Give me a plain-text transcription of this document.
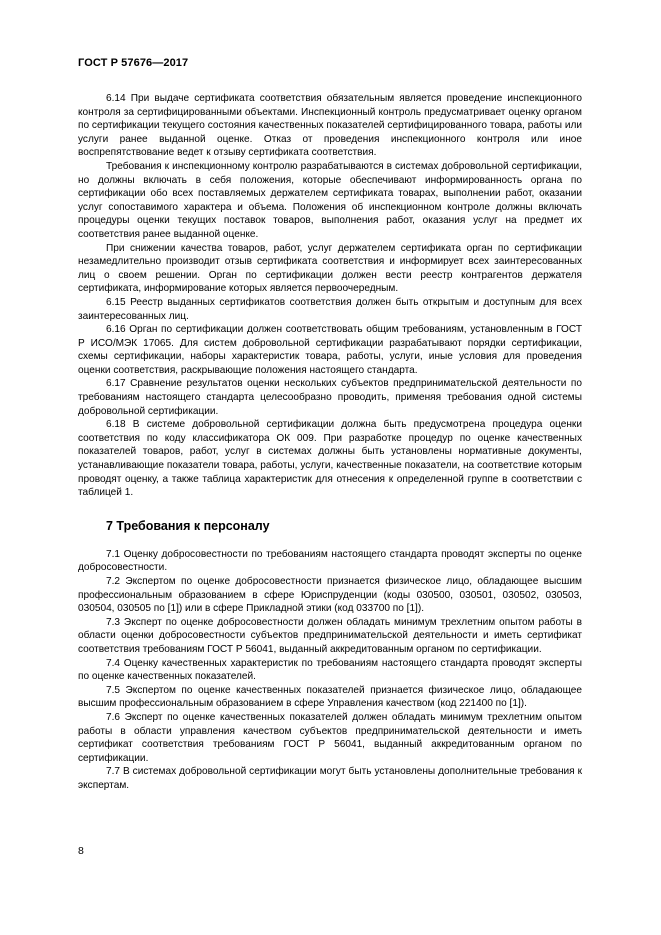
ГОСТ Р 57676—2017

6.14 При выдаче сертификата соответствия обязательным является проведение инспекционного контроля за сертифицированными объектами. Инспекционный контроль предусматривает оценку органом по сертификации текущего состояния качественных показателей сертифицированного товара, работы или услуги ранее выданной оценке. Отказ от проведения инспекционного контроля или иное воспрепятствование ведет к отзыву сертификата соответствия.

Требования к инспекционному контролю разрабатываются в системах добровольной сертификации, но должны включать в себя положения, которые обеспечивают информированность органа по сертификации обо всех поставляемых держателем сертификата товарах, выполнении работ, оказании услуг сопоставимого характера и объема. Положения об инспекционном контроле должны включать процедуры оценки текущих поставок товаров, выполнения работ, оказания услуг на предмет их соответствия ранее выданной оценке.

При снижении качества товаров, работ, услуг держателем сертификата орган по сертификации незамедлительно производит отзыв сертификата соответствия и информирует всех заинтересованных лиц о своем решении. Орган по сертификации должен вести реестр контрагентов держателя сертификата, информирование которых является первоочередным.

6.15 Реестр выданных сертификатов соответствия должен быть открытым и доступным для всех заинтересованных лиц.

6.16 Орган по сертификации должен соответствовать общим требованиям, установленным в ГОСТ Р ИСО/МЭК 17065. Для систем добровольной сертификации разрабатывают порядки сертификации, схемы сертификации, наборы характеристик товара, работы, услуги, иные условия для проведения оценки соответствия, раскрывающие положения настоящего стандарта.

6.17 Сравнение результатов оценки нескольких субъектов предпринимательской деятельности по требованиям настоящего стандарта целесообразно проводить, применяя требования одной системы добровольной сертификации.

6.18 В системе добровольной сертификации должна быть предусмотрена процедура оценки соответствия по коду классификатора ОК 009. При разработке процедур по оценке качественных показателей товаров, работ, услуг в системах должны быть установлены нормативные документы, устанавливающие показатели товара, работы, услуги, качественные показатели, на соответствие которым проводят оценку, а также таблица характеристик для отнесения к определенной группе в соответствии с таблицей 1.

7 Требования к персоналу

7.1 Оценку добросовестности по требованиям настоящего стандарта проводят эксперты по оценке добросовестности.

7.2 Экспертом по оценке добросовестности признается физическое лицо, обладающее высшим профессиональным образованием в сфере Юриспруденции (коды 030500, 030501, 030502, 030503, 030504, 030505 по [1]) или в сфере Прикладной этики (код 033700 по [1]).

7.3 Эксперт по оценке добросовестности должен обладать минимум трехлетним опытом работы в области оценки добросовестности субъектов предпринимательской деятельности и иметь сертификат соответствия требованиям ГОСТ Р 56041, выданный аккредитованным органом по сертификации.

7.4 Оценку качественных характеристик по требованиям настоящего стандарта проводят эксперты по оценке качественных показателей.

7.5 Экспертом по оценке качественных показателей признается физическое лицо, обладающее высшим профессиональным образованием в сфере Управления качеством (код 221400 по [1]).

7.6 Эксперт по оценке качественных показателей должен обладать минимум трехлетним опытом работы в области управления качеством субъектов предпринимательской деятельности и иметь сертификат соответствия требованиям ГОСТ Р 56041, выданный аккредитованным органом по сертификации.

7.7 В системах добровольной сертификации могут быть установлены дополнительные требования к экспертам.

8
